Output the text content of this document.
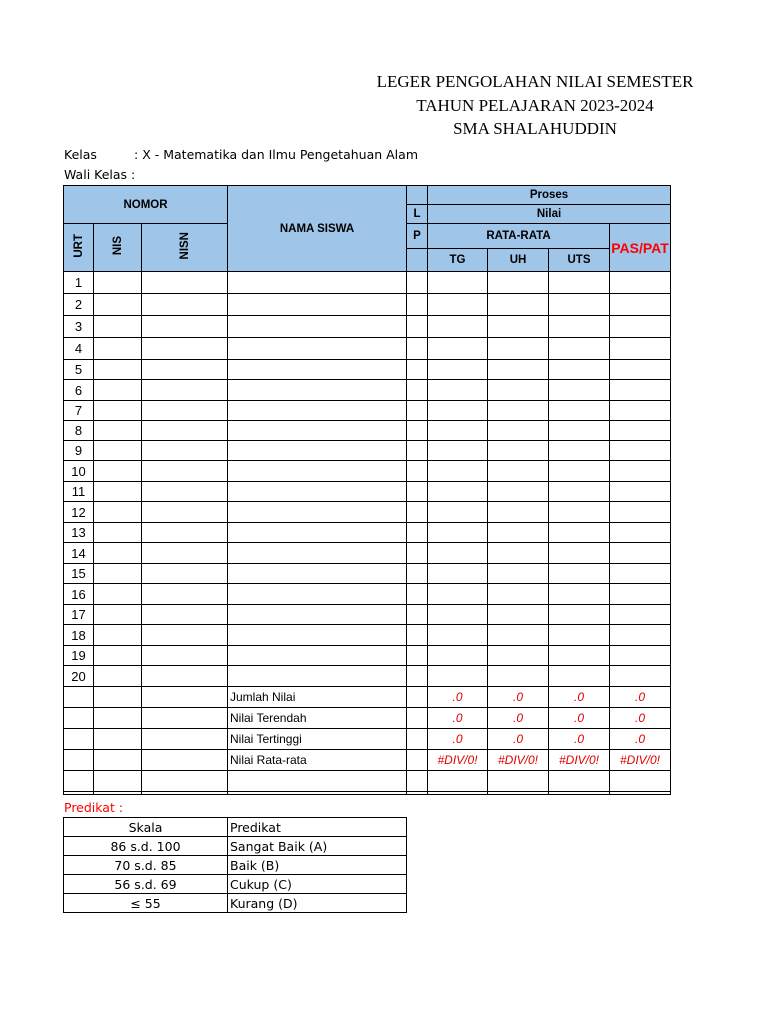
LEGER PENGOLAHAN NILAI SEMESTER
TAHUN PELAJARAN 2023-2024
SMA SHALAHUDDIN
Kelas	: X - Matematika dan Ilmu Pengetahuan Alam
Wali Kelas :
NOMOR			NAMA SISWA		Proses			
				L	Nilai			
URT	NIS	NISN		P	RATA-RATA			PAS/PAT
					TG	UH	UTS	
1								
2								
3								
4								
5								
6								
7								
8								
9								
10								
11								
12								
13								
14								
15								
16								
17								
18								
19								
20								
			Jumlah Nilai		.0	.0	.0	.0
			Nilai Terendah		.0	.0	.0	.0
			Nilai Tertinggi		.0	.0	.0	.0
			Nilai Rata-rata		#DIV/0!	#DIV/0!	#DIV/0!	#DIV/0!

Predikat :
Skala	Predikat
86 s.d. 100	Sangat Baik (A)
70 s.d. 85	Baik (B)
56 s.d. 69	Cukup (C)
≤ 55	Kurang (D)
